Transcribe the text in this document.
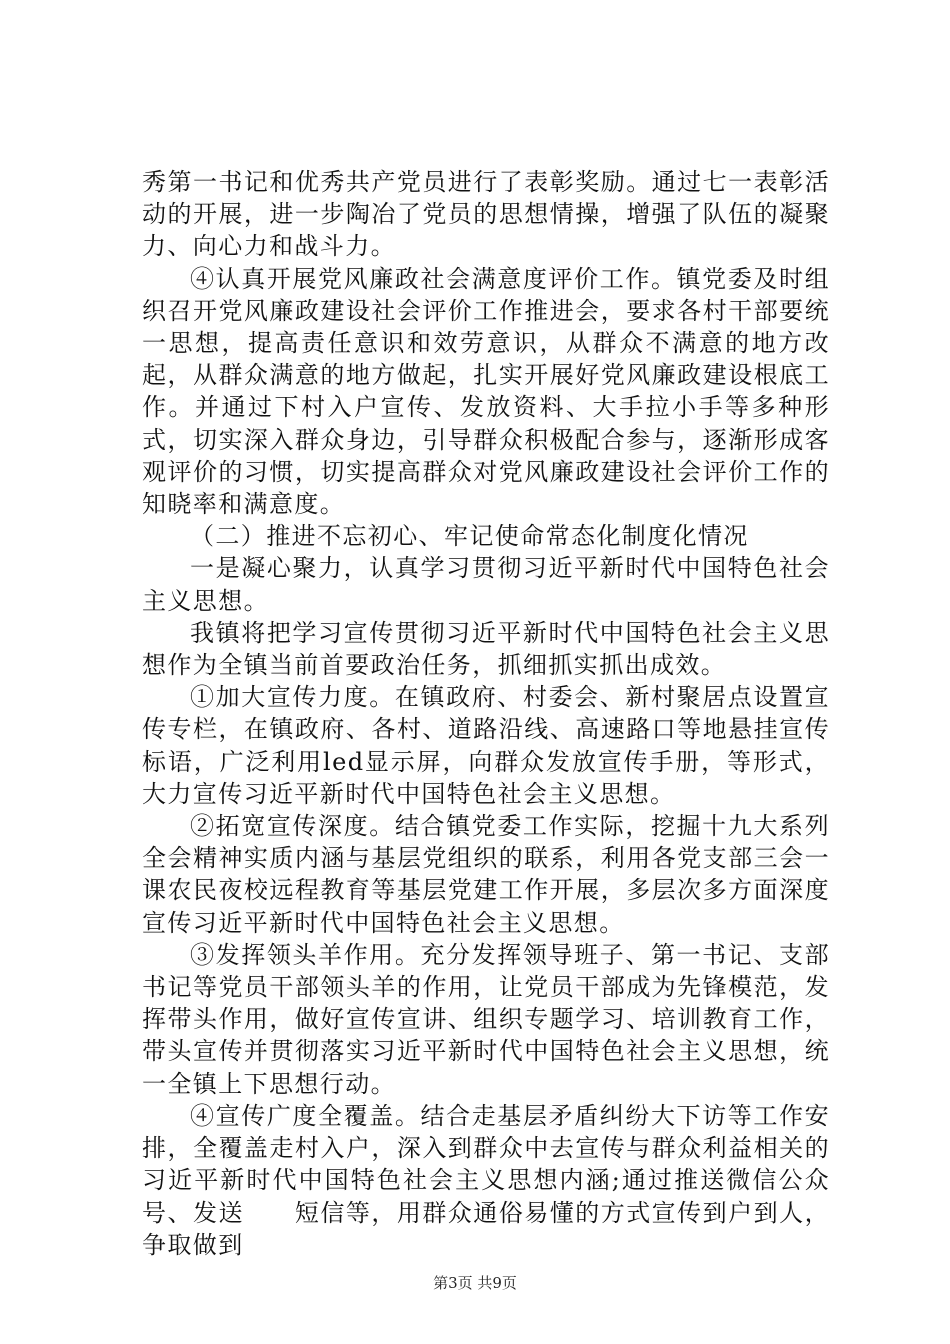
秀第一书记和优秀共产党员进行了表彰奖励。通过七一表彰活动的开展，进一步陶冶了党员的思想情操，增强了队伍的凝聚力、向心力和战斗力。

④认真开展党风廉政社会满意度评价工作。镇党委及时组织召开党风廉政建设社会评价工作推进会，要求各村干部要统一思想，提高责任意识和效劳意识，从群众不满意的地方改起，从群众满意的地方做起，扎实开展好党风廉政建设根底工作。并通过下村入户宣传、发放资料、大手拉小手等多种形式，切实深入群众身边，引导群众积极配合参与，逐渐形成客观评价的习惯，切实提高群众对党风廉政建设社会评价工作的知晓率和满意度。

（二）推进不忘初心、牢记使命常态化制度化情况

一是凝心聚力，认真学习贯彻习近平新时代中国特色社会主义思想。

我镇将把学习宣传贯彻习近平新时代中国特色社会主义思想作为全镇当前首要政治任务，抓细抓实抓出成效。

①加大宣传力度。在镇政府、村委会、新村聚居点设置宣传专栏，在镇政府、各村、道路沿线、高速路口等地悬挂宣传标语，广泛利用led显示屏，向群众发放宣传手册，等形式，大力宣传习近平新时代中国特色社会主义思想。

②拓宽宣传深度。结合镇党委工作实际，挖掘十九大系列全会精神实质内涵与基层党组织的联系，利用各党支部三会一课农民夜校远程教育等基层党建工作开展，多层次多方面深度宣传习近平新时代中国特色社会主义思想。

③发挥领头羊作用。充分发挥领导班子、第一书记、支部书记等党员干部领头羊的作用，让党员干部成为先锋模范，发挥带头作用，做好宣传宣讲、组织专题学习、培训教育工作，带头宣传并贯彻落实习近平新时代中国特色社会主义思想，统一全镇上下思想行动。

④宣传广度全覆盖。结合走基层矛盾纠纷大下访等工作安排，全覆盖走村入户，深入到群众中去宣传与群众利益相关的习近平新时代中国特色社会主义思想内涵;通过推送微信公众号、发送　　短信等，用群众通俗易懂的方式宣传到户到人，争取做到

第3页 共9页
